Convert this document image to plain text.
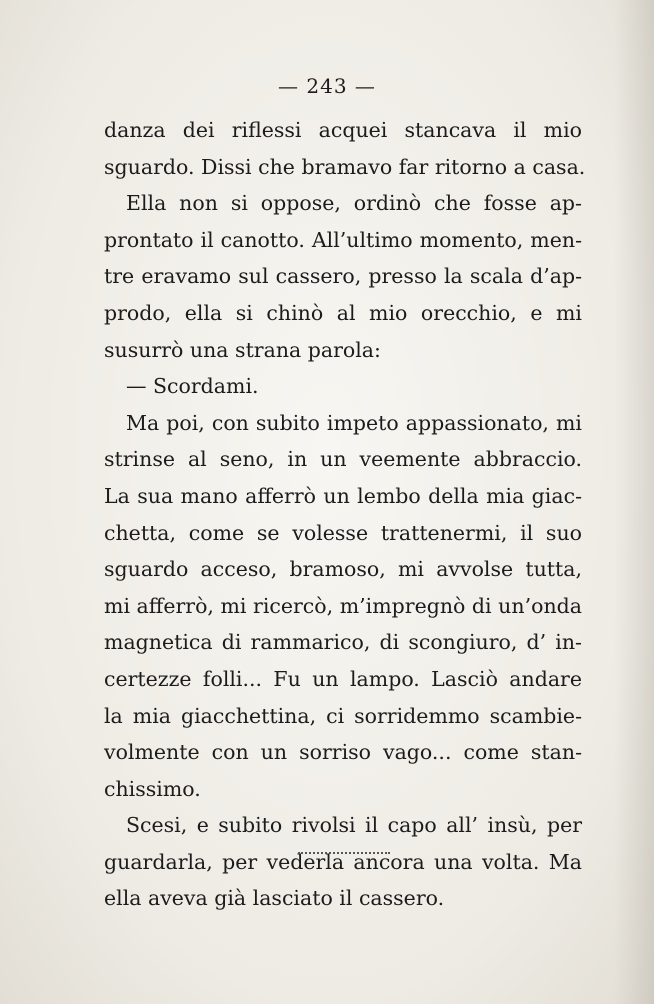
— 243 —
danza dei riflessi acquei stancava il mio
sguardo. Dissi che bramavo far ritorno a casa.
Ella non si oppose, ordinò che fosse ap-
prontato il canotto. All’ultimo momento, men-
tre eravamo sul cassero, presso la scala d’ap-
prodo, ella si chinò al mio orecchio, e mi
susurrò una strana parola:
— Scordami.
Ma poi, con subito impeto appassionato, mi
strinse al seno, in un veemente abbraccio.
La sua mano afferrò un lembo della mia giac-
chetta, come se volesse trattenermi, il suo
sguardo acceso, bramoso, mi avvolse tutta,
mi afferrò, mi ricercò, m’impregnò di un’onda
magnetica di rammarico, di scongiuro, d’ in-
certezze folli... Fu un lampo. Lasciò andare
la mia giacchettina, ci sorridemmo scambie-
volmente con un sorriso vago... come stan-
chissimo.
Scesi, e subito rivolsi il capo all’ insù, per
guardarla, per vederla ancora una volta. Ma
ella aveva già lasciato il cassero.
